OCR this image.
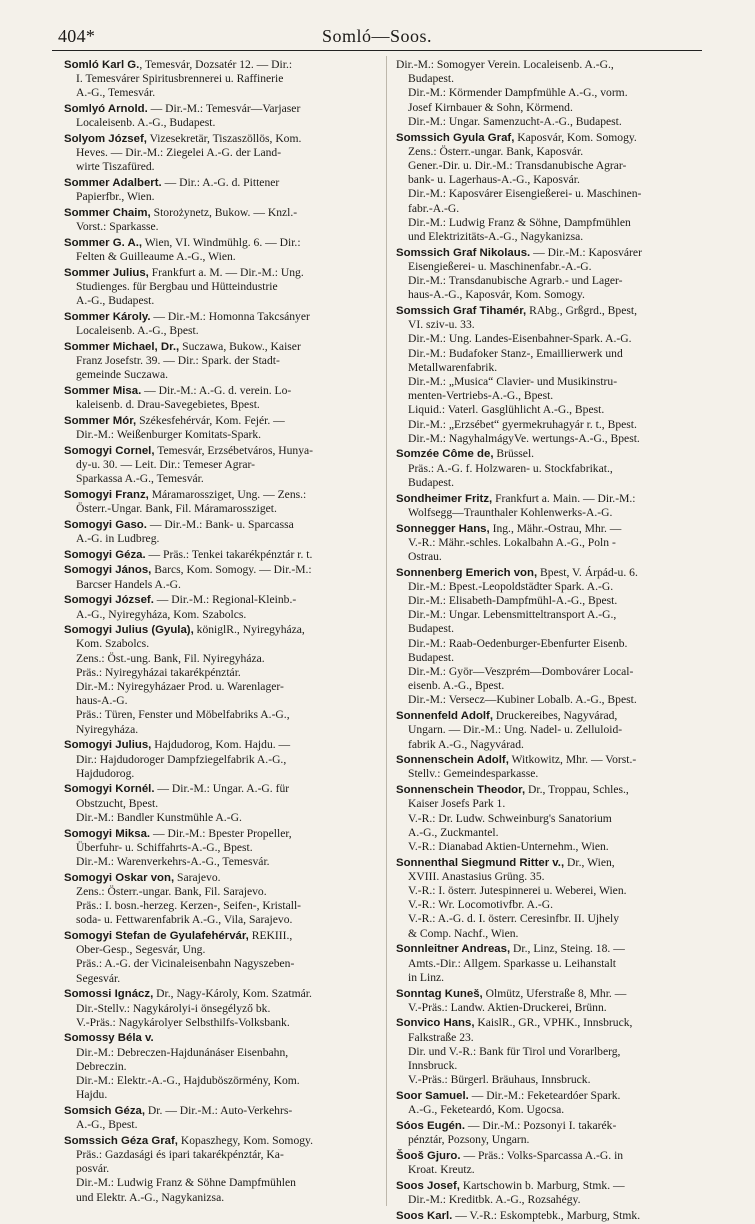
404*	Somló—Soos.
Somló Karl G., Temesvár, Dozsatér 12. — Dir.:
I. Temesvárer Spiritusbrennerei u. Raffinerie
A.-G., Temesvár.
Somlyó Arnold. — Dir.-M.: Temesvár—Varjaser
Localeisenb. A.-G., Budapest.
Solyom József, Vizesekretär, Tiszaszöllös, Kom.
Heves. — Dir.-M.: Ziegelei A.-G. der Land-
wirte Tiszafüred.
Sommer Adalbert. — Dir.: A.-G. d. Pittener
Papierfbr., Wien.
Sommer Chaim, Storożynetz, Bukow. — Knzl.-
Vorst.: Sparkasse.
Sommer G. A., Wien, VI. Windmühlg. 6. — Dir.:
Felten & Guilleaume A.-G., Wien.
Sommer Julius, Frankfurt a. M. — Dir.-M.: Ung.
Studienges. für Bergbau und Hütteindustrie
A.-G., Budapest.
Sommer Károly. — Dir.-M.: Homonna Takcsányer
Localeisenb. A.-G., Bpest.
Sommer Michael, Dr., Suczawa, Bukow., Kaiser
Franz Josefstr. 39. — Dir.: Spark. der Stadt-
gemeinde Suczawa.
Sommer Misa. — Dir.-M.: A.-G. d. verein. Lo-
kaleisenb. d. Drau-Savegebietes, Bpest.
Sommer Mór, Székesfehérvár, Kom. Fejér. —
Dir.-M.: Weißenburger Komitats-Spark.
Somogyi Cornel, Temesvár, Erzsébetváros, Hunya-
dy-u. 30. — Leit. Dir.: Temeser Agrar-
Sparkassa A.-G., Temesvár.
Somogyi Franz, Máramarossziget, Ung. — Zens.:
Österr.-Ungar. Bank, Fil. Máramarossziget.
Somogyi Gaso. — Dir.-M.: Bank- u. Sparcassa
A.-G. in Ludbreg.
Somogyi Géza. — Präs.: Tenkei takarékpénztár r. t.
Somogyi János, Barcs, Kom. Somogy. — Dir.-M.:
Barcser Handels A.-G.
Somogyi József. — Dir.-M.: Regional-Kleinb.-
A.-G., Nyiregyháza, Kom. Szabolcs.
Somogyi Julius (Gyula), königlR., Nyiregyháza,
Kom. Szabolcs.
Zens.: Öst.-ung. Bank, Fil. Nyiregyháza.
Präs.: Nyiregyházai takarékpénztár.
Dir.-M.: Nyiregyházaer Prod. u. Warenlager-
haus-A.-G.
Präs.: Türen, Fenster und Möbelfabriks A.-G.,
Nyiregyháza.
Somogyi Julius, Hajdudorog, Kom. Hajdu. —
Dir.: Hajdudoroger Dampfziegelfabrik A.-G.,
Hajdudorog.
Somogyi Kornél. — Dir.-M.: Ungar. A.-G. für
Obstzucht, Bpest.
Dir.-M.: Bandler Kunstmühle A.-G.
Somogyi Miksa. — Dir.-M.: Bpester Propeller,
Überfuhr- u. Schiffahrts-A.-G., Bpest.
Dir.-M.: Warenverkehrs-A.-G., Temesvár.
Somogyi Oskar von, Sarajevo.
Zens.: Österr.-ungar. Bank, Fil. Sarajevo.
Präs.: I. bosn.-herzeg. Kerzen-, Seifen-, Kristall-
soda- u. Fettwarenfabrik A.-G., Vila, Sarajevo.
Somogyi Stefan de Gyulafehérvár, REKIII.,
Ober-Gesp., Segesvár, Ung.
Präs.: A.-G. der Vicinaleisenbahn Nagyszeben-
Segesvár.
Somossi Ignácz, Dr., Nagy-Károly, Kom. Szatmár.
Dir.-Stellv.: Nagykárolyi-i önsegélyző bk.
V.-Präs.: Nagykárolyer Selbsthilfs-Volksbank.
Somossy Béla v.
Dir.-M.: Debreczen-Hajdunánáser Eisenbahn,
Debreczin.
Dir.-M.: Elektr.-A.-G., Hajduböszörmény, Kom.
Hajdu.
Somsich Géza, Dr. — Dir.-M.: Auto-Verkehrs-
A.-G., Bpest.
Somssich Géza Graf, Kopaszhegy, Kom. Somogy.
Präs.: Gazdasági és ipari takarékpénztár, Ka-
posvár.
Dir.-M.: Ludwig Franz & Söhne Dampfmühlen
und Elektr. A.-G., Nagykanizsa.
Dir.-M.: Somogyer Verein. Localeisenb. A.-G.,
Budapest.
Dir.-M.: Körmender Dampfmühle A.-G., vorm.
Josef Kirnbauer & Sohn, Körmend.
Dir.-M.: Ungar. Samenzucht-A.-G., Budapest.
Somssich Gyula Graf, Kaposvár, Kom. Somogy.
Zens.: Österr.-ungar. Bank, Kaposvár.
Gener.-Dir. u. Dir.-M.: Transdanubische Agrar-
bank- u. Lagerhaus-A.-G., Kaposvár.
Dir.-M.: Kaposvárer Eisengießerei- u. Maschinen-
fabr.-A.-G.
Dir.-M.: Ludwig Franz & Söhne, Dampfmühlen
und Elektrizitäts-A.-G., Nagykanizsa.
Somssich Graf Nikolaus. — Dir.-M.: Kaposvárer
Eisengießerei- u. Maschinenfabr.-A.-G.
Dir.-M.: Transdanubische Agrarb.- und Lager-
haus-A.-G., Kaposvár, Kom. Somogy.
Somssich Graf Tihamér, RAbg., Grßgrd., Bpest,
VI. sziv-u. 33.
Dir.-M.: Ung. Landes-Eisenbahner-Spark. A.-G.
Dir.-M.: Budafoker Stanz-, Emaillierwerk und
Metallwarenfabrik.
Dir.-M.: „Musica“ Clavier- und Musikinstru-
menten-Vertriebs-A.-G., Bpest.
Liquid.: Vaterl. Gasglühlicht A.-G., Bpest.
Dir.-M.: „Erzsébet“ gyermekruhagyár r. t., Bpest.
Dir.-M.: NagyhalmágyVe. wertungs-A.-G., Bpest.
Somzée Côme de, Brüssel.
Präs.: A.-G. f. Holzwaren- u. Stockfabrikat.,
Budapest.
Sondheimer Fritz, Frankfurt a. Main. — Dir.-M.:
Wolfsegg—Traunthaler Kohlenwerks-A.-G.
Sonnegger Hans, Ing., Mähr.-Ostrau, Mhr. —
V.-R.: Mähr.-schles. Lokalbahn A.-G., Poln -
Ostrau.
Sonnenberg Emerich von, Bpest, V. Árpád-u. 6.
Dir.-M.: Bpest.-Leopoldstädter Spark. A.-G.
Dir.-M.: Elisabeth-Dampfmühl-A.-G., Bpest.
Dir.-M.: Ungar. Lebensmitteltransport A.-G.,
Budapest.
Dir.-M.: Raab-Oedenburger-Ebenfurter Eisenb.
Budapest.
Dir.-M.: Györ—Veszprém—Dombovárer Local-
eisenb. A.-G., Bpest.
Dir.-M.: Versecz—Kubiner Lobalb. A.-G., Bpest.
Sonnenfeld Adolf, Druckereibes, Nagyvárad,
Ungarn. — Dir.-M.: Ung. Nadel- u. Zelluloid-
fabrik A.-G., Nagyvárad.
Sonnenschein Adolf, Witkowitz, Mhr. — Vorst.-
Stellv.: Gemeindesparkasse.
Sonnenschein Theodor, Dr., Troppau, Schles.,
Kaiser Josefs Park 1.
V.-R.: Dr. Ludw. Schweinburg's Sanatorium
A.-G., Zuckmantel.
V.-R.: Dianabad Aktien-Unternehm., Wien.
Sonnenthal Siegmund Ritter v., Dr., Wien,
XVIII. Anastasius Grüng. 35.
V.-R.: I. österr. Jutespinnerei u. Weberei, Wien.
V.-R.: Wr. Locomotivfbr. A.-G.
V.-R.: A.-G. d. I. österr. Ceresinfbr. II. Ujhely
& Comp. Nachf., Wien.
Sonnleitner Andreas, Dr., Linz, Steing. 18. —
Amts.-Dir.: Allgem. Sparkasse u. Leihanstalt
in Linz.
Sonntag Kuneš, Olmütz, Uferstraße 8, Mhr. —
V.-Präs.: Landw. Aktien-Druckerei, Brünn.
Sonvico Hans, KaislR., GR., VPHK., Innsbruck,
Falkstraße 23.
Dir. und V.-R.: Bank für Tirol und Vorarlberg,
Innsbruck.
V.-Präs.: Bürgerl. Bräuhaus, Innsbruck.
Soor Samuel. — Dir.-M.: Feketeardóer Spark.
A.-G., Feketeardó, Kom. Ugocsa.
Sóos Eugén. — Dir.-M.: Pozsonyi I. takarék-
pénztár, Pozsony, Ungarn.
Šooš Gjuro. — Präs.: Volks-Sparcassa A.-G. in
Kroat. Kreutz.
Soos Josef, Kartschowin b. Marburg, Stmk. —
Dir.-M.: Kreditbk. A.-G., Rozsahégy.
Soos Karl. — V.-R.: Eskomptebk., Marburg, Stmk.
